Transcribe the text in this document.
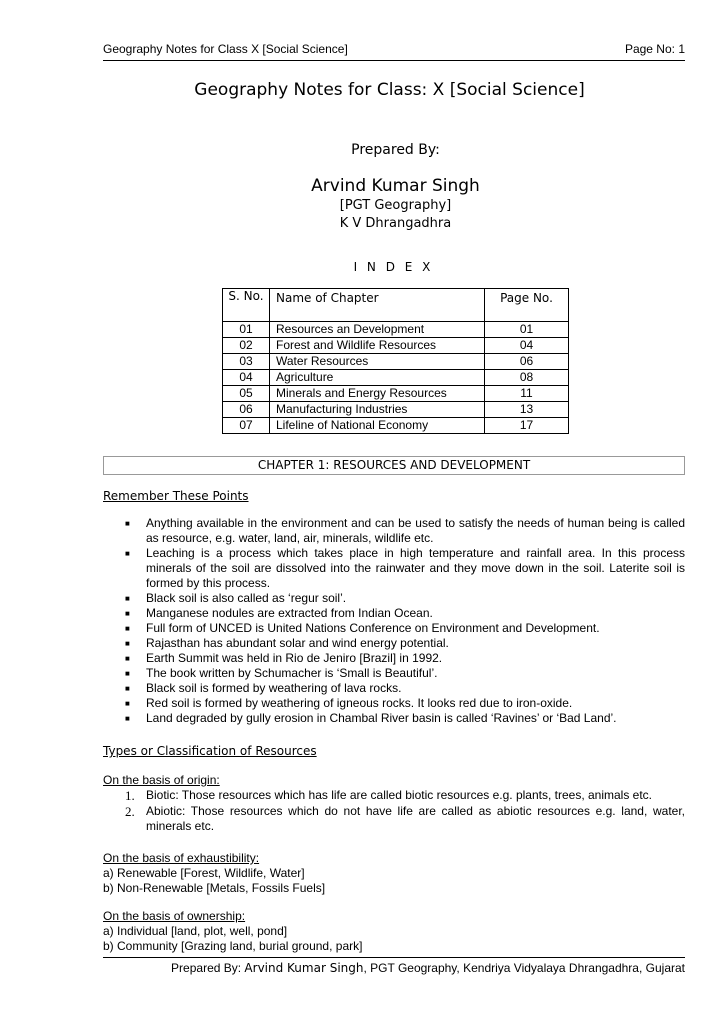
Geography Notes for Class X [Social Science]	Page No: 1
Geography Notes for Class: X [Social Science]
Prepared By:
Arvind Kumar Singh
[PGT Geography]
K V Dhrangadhra
I N D E X
S. No.	Name of Chapter	Page No.
01	Resources an Development	01
02	Forest and Wildlife Resources	04
03	Water Resources	06
04	Agriculture	08
05	Minerals and Energy Resources	11
06	Manufacturing Industries	13
07	Lifeline of National Economy	17
CHAPTER 1: RESOURCES AND DEVELOPMENT
Remember These Points
■ Anything available in the environment and can be used to satisfy the needs of human being is called as resource, e.g. water, land, air, minerals, wildlife etc.
■ Leaching is a process which takes place in high temperature and rainfall area. In this process minerals of the soil are dissolved into the rainwater and they move down in the soil. Laterite soil is formed by this process.
■ Black soil is also called as ‘regur soil’.
■ Manganese nodules are extracted from Indian Ocean.
■ Full form of UNCED is United Nations Conference on Environment and Development.
■ Rajasthan has abundant solar and wind energy potential.
■ Earth Summit was held in Rio de Jeniro [Brazil] in 1992.
■ The book written by Schumacher is ‘Small is Beautiful’.
■ Black soil is formed by weathering of lava rocks.
■ Red soil is formed by weathering of igneous rocks. It looks red due to iron-oxide.
■ Land degraded by gully erosion in Chambal River basin is called ‘Ravines’ or ‘Bad Land’.
Types or Classification of Resources
On the basis of origin:
1. Biotic: Those resources which has life are called biotic resources e.g. plants, trees, animals etc.
2. Abiotic: Those resources which do not have life are called as abiotic resources e.g. land, water, minerals etc.
On the basis of exhaustibility:
a) Renewable [Forest, Wildlife, Water]
b) Non-Renewable [Metals, Fossils Fuels]
On the basis of ownership:
a) Individual [land, plot, well, pond]
b) Community [Grazing land, burial ground, park]
Prepared By: Arvind Kumar Singh, PGT Geography, Kendriya Vidyalaya Dhrangadhra, Gujarat
